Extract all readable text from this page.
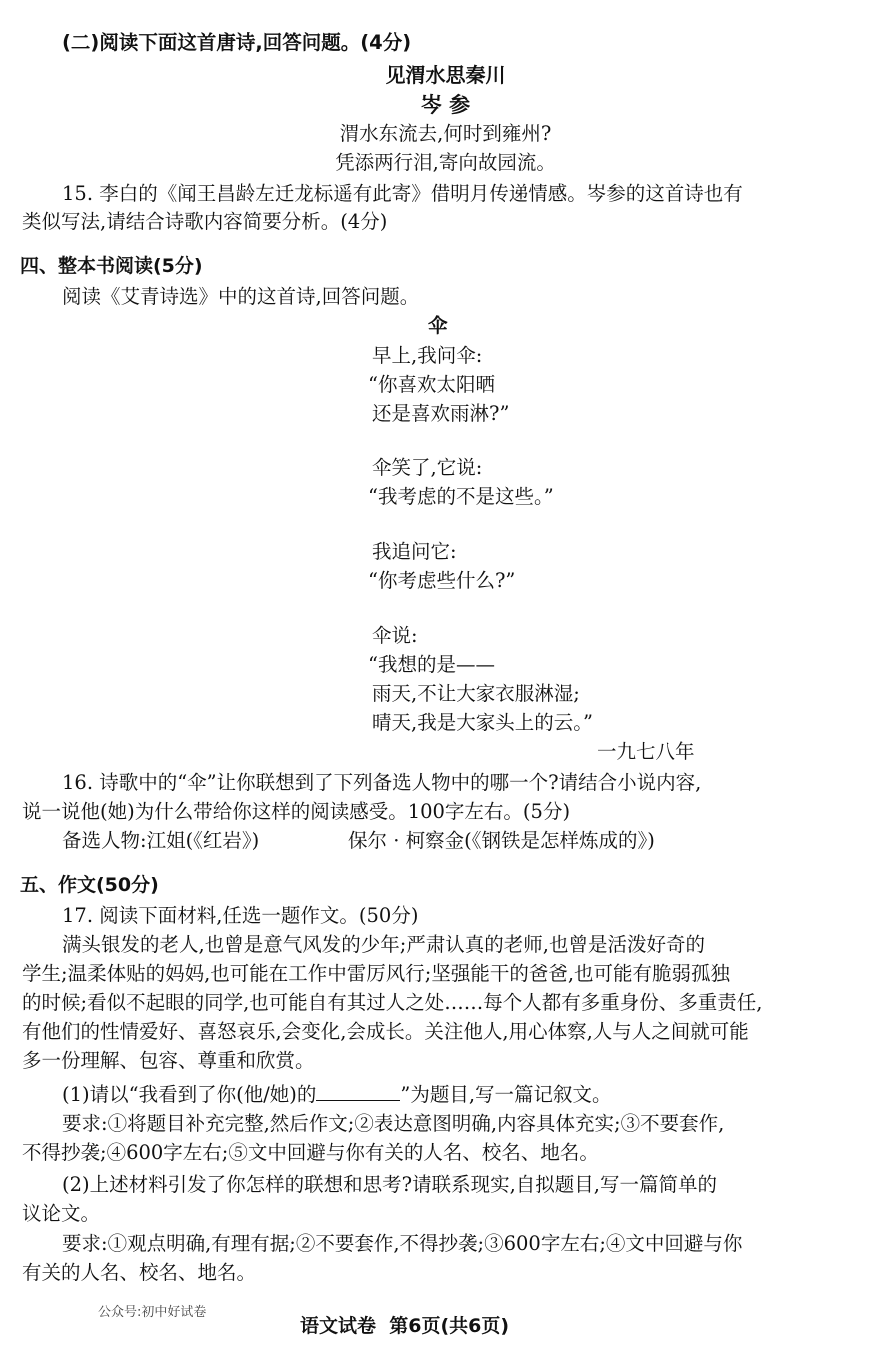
(二)阅读下面这首唐诗,回答问题。(4分)
见渭水思秦川
岑 参
渭水东流去,何时到雍州?
凭添两行泪,寄向故园流。
15. 李白的《闻王昌龄左迁龙标遥有此寄》借明月传递情感。岑参的这首诗也有
类似写法,请结合诗歌内容简要分析。(4分)
四、整本书阅读(5分)
阅读《艾青诗选》中的这首诗,回答问题。
伞
早上,我问伞:
“你喜欢太阳晒
还是喜欢雨淋?”
伞笑了,它说:
“我考虑的不是这些。”
我追问它:
“你考虑些什么?”
伞说:
“我想的是——
雨天,不让大家衣服淋湿;
晴天,我是大家头上的云。”
一九七八年
16. 诗歌中的“伞”让你联想到了下列备选人物中的哪一个?请结合小说内容,
说一说他(她)为什么带给你这样的阅读感受。100字左右。(5分)
备选人物:江姐(《红岩》)	保尔 · 柯察金(《钢铁是怎样炼成的》)
五、作文(50分)
17. 阅读下面材料,任选一题作文。(50分)
满头银发的老人,也曾是意气风发的少年;严肃认真的老师,也曾是活泼好奇的
学生;温柔体贴的妈妈,也可能在工作中雷厉风行;坚强能干的爸爸,也可能有脆弱孤独
的时候;看似不起眼的同学,也可能自有其过人之处……每个人都有多重身份、多重责任,
有他们的性情爱好、喜怒哀乐,会变化,会成长。关注他人,用心体察,人与人之间就可能
多一份理解、包容、尊重和欣赏。
(1)请以“我看到了你(他/她)的	”为题目,写一篇记叙文。
要求:①将题目补充完整,然后作文;②表达意图明确,内容具体充实;③不要套作,
不得抄袭;④600字左右;⑤文中回避与你有关的人名、校名、地名。
(2)上述材料引发了你怎样的联想和思考?请联系现实,自拟题目,写一篇简单的
议论文。
要求:①观点明确,有理有据;②不要套作,不得抄袭;③600字左右;④文中回避与你
有关的人名、校名、地名。
公众号:初中好试卷
语文试卷  第6页(共6页)
